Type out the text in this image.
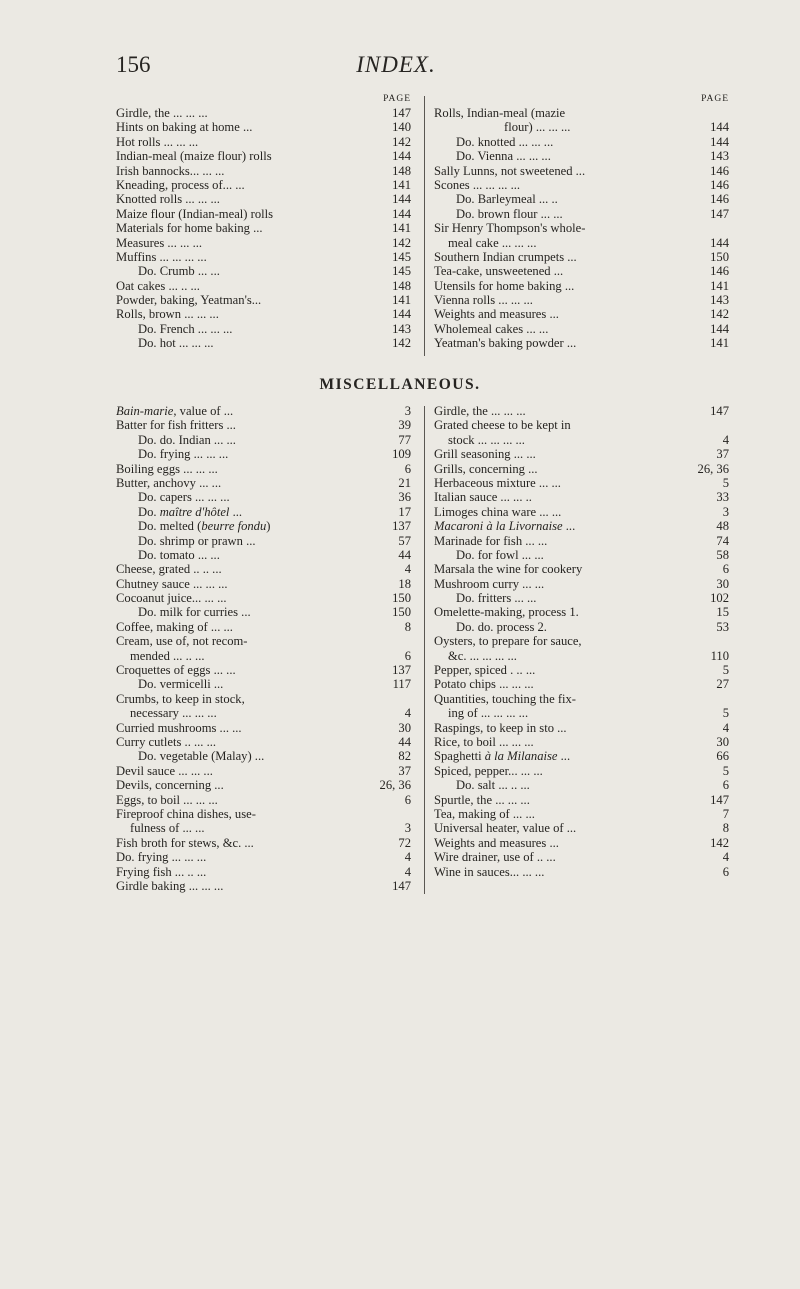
156	INDEX.
PAGE
Girdle, the ... ... ...	147
Hints on baking at home ...	140
Hot rolls ... ... ...	142
Indian-meal (maize flour) rolls	144
Irish bannocks... ... ...	148
Kneading, process of... ...	141
Knotted rolls ... ... ...	144
Maize flour (Indian-meal) rolls	144
Materials for home baking ...	141
Measures ... ... ...	142
Muffins ... ... ... ...	145
Do. Crumb ... ...	145
Oat cakes ... .. ...	148
Powder, baking, Yeatman's...	141
Rolls, brown ... ... ...	144
Do. French ... ... ...	143
Do. hot ... ... ...	142
PAGE
Rolls, Indian-meal (mazie
flour) ... ... ...	144
Do. knotted ... ... ...	144
Do. Vienna ... ... ...	143
Sally Lunns, not sweetened ...	146
Scones ... ... ... ...	146
Do. Barleymeal ... ..	146
Do. brown flour ... ...	147
Sir Henry Thompson's whole-
meal cake ... ... ...	144
Southern Indian crumpets ...	150
Tea-cake, unsweetened ...	146
Utensils for home baking ...	141
Vienna rolls ... ... ...	143
Weights and measures ...	142
Wholemeal cakes ... ...	144
Yeatman's baking powder ...	141
MISCELLANEOUS.
Bain-marie, value of ...	3
Batter for fish fritters ...	39
Do. do. Indian ... ...	77
Do. frying ... ... ...	109
Boiling eggs ... ... ...	6
Butter, anchovy ... ...	21
Do. capers ... ... ...	36
Do. maître d'hôtel ...	17
Do. melted (beurre fondu)	137
Do. shrimp or prawn ...	57
Do. tomato ... ...	44
Cheese, grated .. .. ...	4
Chutney sauce ... ... ...	18
Cocoanut juice... ... ...	150
Do. milk for curries ...	150
Coffee, making of ... ...	8
Cream, use of, not recom-
mended ... .. ...	6
Croquettes of eggs ... ...	137
Do. vermicelli ...	117
Crumbs, to keep in stock,
necessary ... ... ...	4
Curried mushrooms ... ...	30
Curry cutlets .. ... ...	44
Do. vegetable (Malay) ...	82
Devil sauce ... ... ...	37
Devils, concerning ...	26, 36
Eggs, to boil ... ... ...	6
Fireproof china dishes, use-
fulness of ... ...	3
Fish broth for stews, &c. ...	72
Do. frying ... ... ...	4
Frying fish ... .. ...	4
Girdle baking ... ... ...	147
Girdle, the ... ... ...	147
Grated cheese to be kept in
stock ... ... ... ...	4
Grill seasoning ... ...	37
Grills, concerning ...	26, 36
Herbaceous mixture ... ...	5
Italian sauce ... ... ..	33
Limoges china ware ... ...	3
Macaroni à la Livornaise ...	48
Marinade for fish ... ...	74
Do. for fowl ... ...	58
Marsala the wine for cookery	6
Mushroom curry ... ...	30
Do. fritters ... ...	102
Omelette-making, process 1.	15
Do. do. process 2.	53
Oysters, to prepare for sauce,
&c. ... ... ... ...	110
Pepper, spiced . .. ...	5
Potato chips ... ... ...	27
Quantities, touching the fix-
ing of ... ... ... ...	5
Raspings, to keep in sto ...	4
Rice, to boil ... ... ...	30
Spaghetti à la Milanaise ...	66
Spiced, pepper... ... ...	5
Do. salt ... .. ...	6
Spurtle, the ... ... ...	147
Tea, making of ... ...	7
Universal heater, value of ...	8
Weights and measures ...	142
Wire drainer, use of .. ...	4
Wine in sauces... ... ...	6
